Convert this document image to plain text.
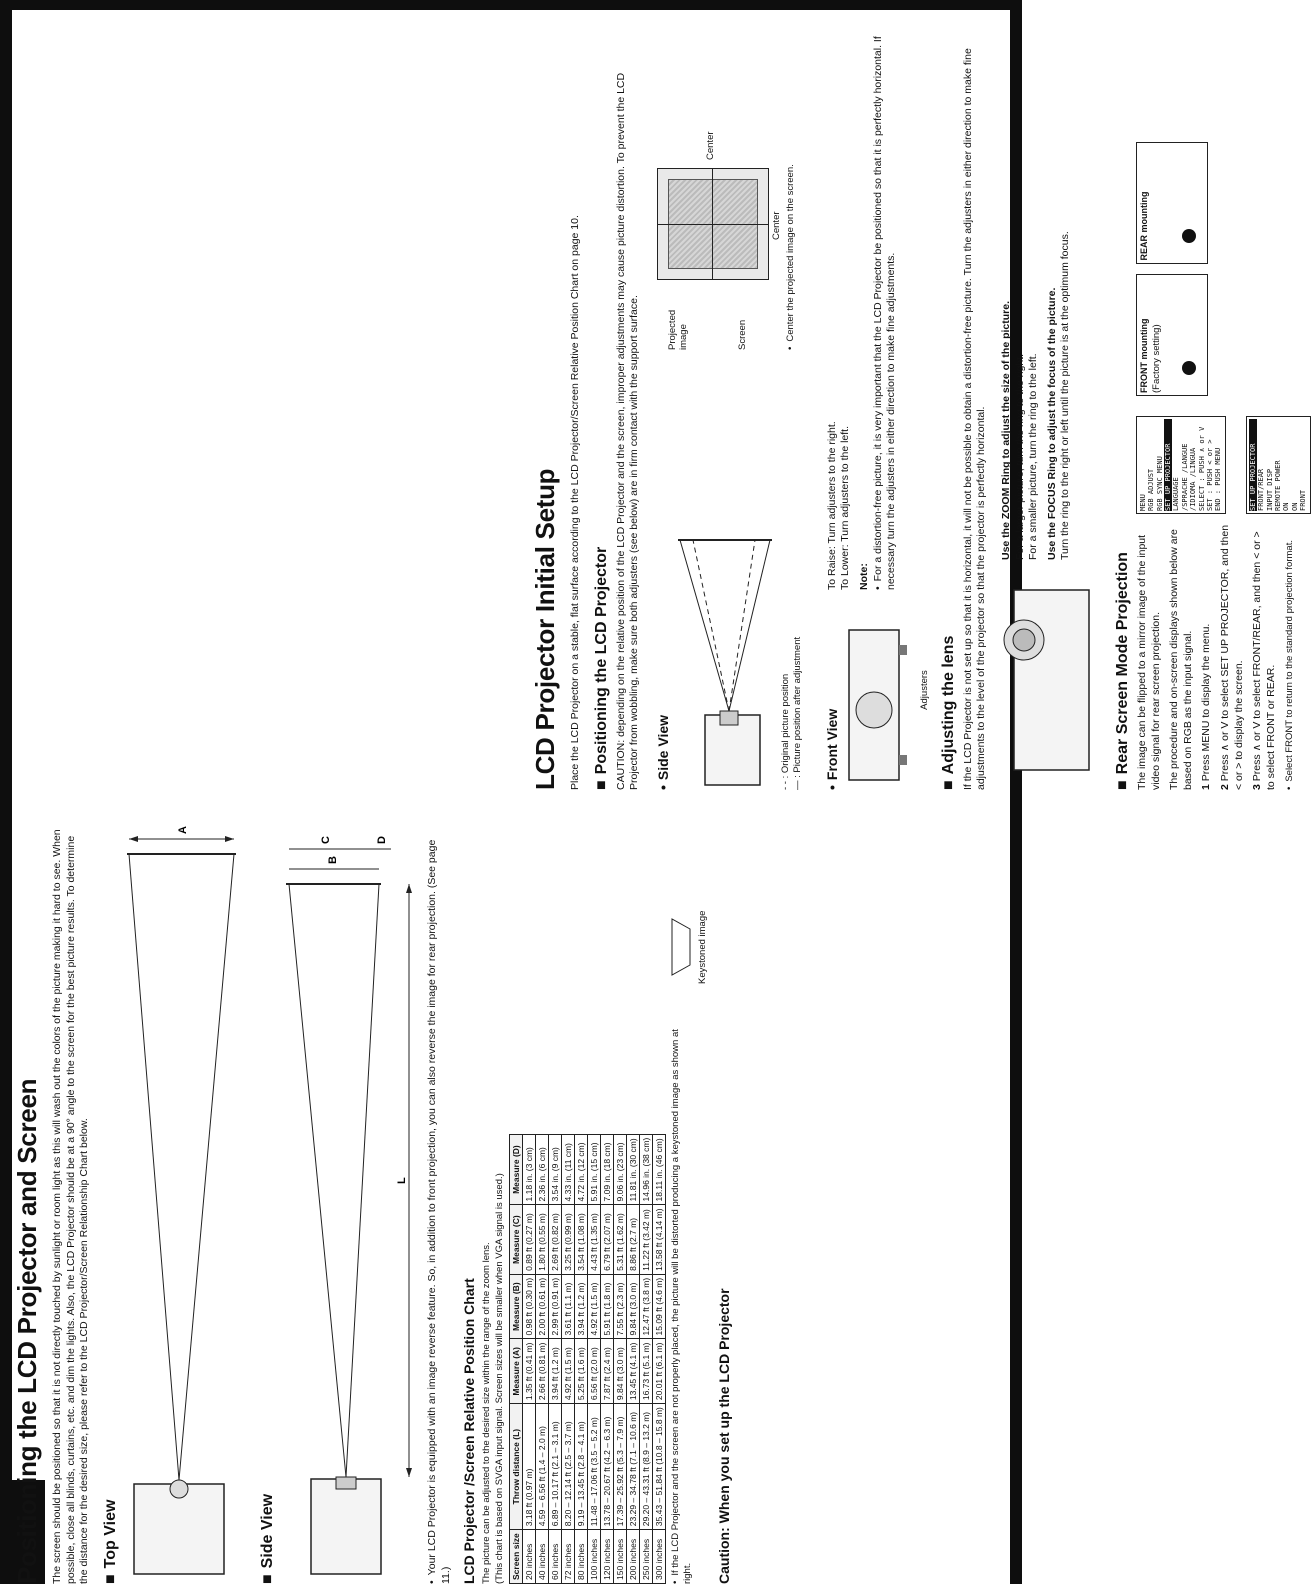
Positioning the LCD Projector and Screen The screen should be positioned so that it is not directly touched by sunlight or room light as this will wash out the colors of the picture making it hard to see. When possible, close all blinds, curtains, etc. and dim the lights. Also, the LCD Projector should be at a 90° angle to the screen for the best picture results. To determine the distance for the desired size, please refer to the LCD Projector/Screen Relationship Chart below. ■ Top View
A
■ Side View
L
B
C	D	• Your LCD Projector is equipped with an image reverse feature. So, in addition to front projection, you can also reverse the image for rear projection. (See page 11.) LCD Projector /Screen Relative Position Chart The picture can be adjusted to the desired size within the range of the zoom lens. (This chart is based on SVGA input signal. Screen sizes will be smaller when VGA signal is used.) Screen size	Throw distance (L)	Measure (A)	Measure (B)	Measure (C)	Measure (D)
20 inches	3.18 ft (0.97 m)	1.35 ft (0.41 m)	0.98 ft (0.30 m)	0.89 ft (0.27 m)	1.18 in. (3 cm)
40 inches	4.59 – 6.56 ft (1.4 – 2.0 m)	2.66 ft (0.81 m)	2.00 ft (0.61 m)	1.80 ft (0.55 m)	2.36 in. (6 cm)
60 inches	6.89 – 10.17 ft (2.1 – 3.1 m)	3.94 ft (1.2 m)	2.99 ft (0.91 m)	2.69 ft (0.82 m)	3.54 in. (9 cm)
72 inches	8.20 – 12.14 ft (2.5 – 3.7 m)	4.92 ft (1.5 m)	3.61 ft (1.1 m)	3.25 ft (0.99 m)	4.33 in. (11 cm)
80 inches	9.19 – 13.45 ft (2.8 – 4.1 m)	5.25 ft (1.6 m)	3.94 ft (1.2 m)	3.54 ft (1.08 m)	4.72 in. (12 cm)
100 inches	11.48 – 17.06 ft (3.5 – 5.2 m)	6.56 ft (2.0 m)	4.92 ft (1.5 m)	4.43 ft (1.35 m)	5.91 in. (15 cm)
120 inches	13.78 – 20.67 ft (4.2 – 6.3 m)	7.87 ft (2.4 m)	5.91 ft (1.8 m)	6.79 ft (2.07 m)	7.09 in. (18 cm)
150 inches	17.39 – 25.92 ft (5.3 – 7.9 m)	9.84 ft (3.0 m)	7.55 ft (2.3 m)	5.31 ft (1.62 m)	9.06 in. (23 cm)
200 inches	23.29 – 34.78 ft (7.1 – 10.6 m)	13.45 ft (4.1 m)	9.84 ft (3.0 m)	8.86 ft (2.7 m)	11.81 in. (30 cm)
250 inches	29.20 – 43.31 ft (8.9 – 13.2 m)	16.73 ft (5.1 m)	12.47 ft (3.8 m)	11.22 ft (3.42 m)	14.96 in. (38 cm)
300 inches	35.43 – 51.84 ft (10.8 – 15.8 m)	20.01 ft (6.1 m)	15.09 ft (4.6 m)	13.58 ft (4.14 m)	18.11 in. (46 cm) • If the LCD Projector and the screen are not properly placed, the picture will be distorted producing a keystoned image as shown at right.

Keystoned image
Caution: When you set up the LCD Projector
LCD Projector Initial Setup Place the LCD Projector on a stable, flat surface according to the LCD Projector/Screen Relative Position Chart on page 10. ■ Positioning the LCD Projector CAUTION: depending on the relative position of the LCD Projector and the screen, improper adjustments may cause picture distortion. To prevent the LCD Projector from wobbling, make sure both adjusters (see below) are in firm contact with the support surface. • Side View	- - : Original picture position — : Picture position after adjustment

Projected image	Screen
Center
Center • Center the projected image on the screen.
• Front View
Adjusters

To Raise: Turn adjusters to the right. To Lower: Turn adjusters to the left. Note: • For a distortion-free picture, it is very important that the LCD Projector be positioned so that it is perfectly horizontal. If necessary turn the adjusters in either direction to make fine adjustments.

■ Adjusting the lens If the LCD Projector is not set up so that it is horizontal, it will not be possible to obtain a distortion-free picture. Turn the adjusters in either direction to make fine adjustments to the level of the projector so that the projector is perfectly horizontal. Use the ZOOM Ring to adjust the size of the picture. For a larger picture, turn the ring to the right. For a smaller picture, turn the ring to the left. Use the FOCUS Ring to adjust the focus of the picture. Turn the ring to the right or left until the picture is at the optimum focus.

■ Rear Screen Mode Projection The image can be flipped to a mirror image of the input video signal for rear screen projection. The procedure and on-screen displays shown below are based on RGB as the input signal. 1 Press MENU to display the menu.

2 Press ∧ or V to select SET UP PROJECTOR, and then < or > to display the screen. 3 Press ∧ or V to select FRONT/REAR, and then < or > to select FRONT or REAR. • Select FRONT to return to the standard projection format.

MENU RGB ADJUST RGB SYNC MENU SET UP PROJECTOR LANGUAGE /SPRACHE /LANGUE /IDIOMA /LINGUA SELECT : PUSH ∧ or V SET : PUSH < or > END : PUSH MENU	SET UP PROJECTOR FRONT/REAR INPUT DISP REMOTE POWER ON ON FRONT
FRONT mounting (Factory setting)

REAR mounting
